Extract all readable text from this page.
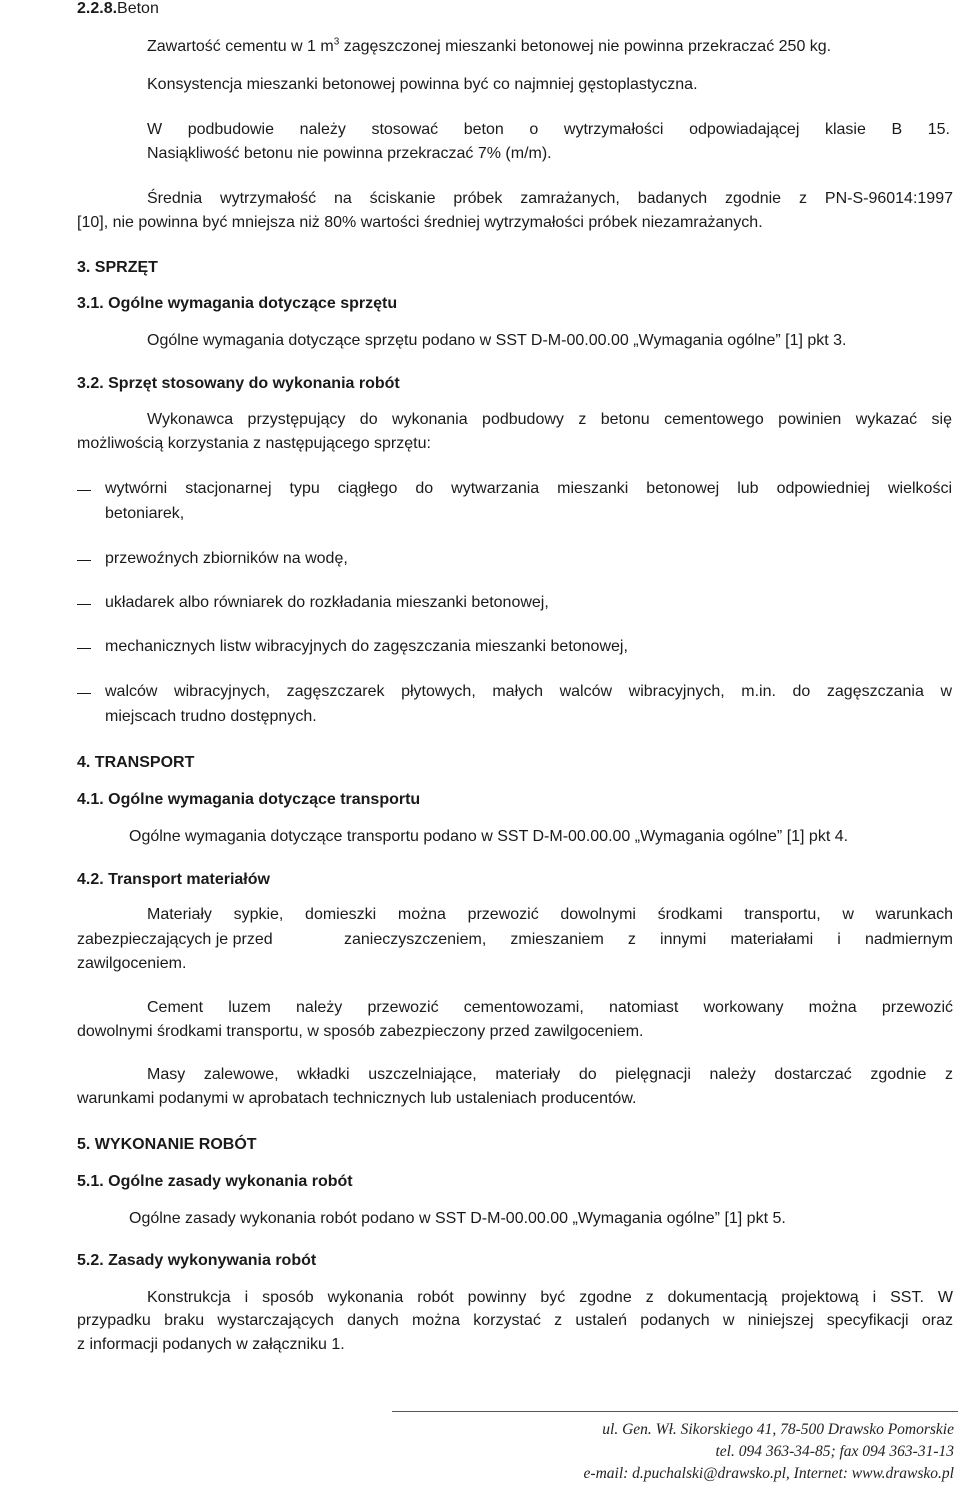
2.2.8.Beton
Zawartość cementu w 1 $m^3$ zagęszczonej mieszanki betonowej nie powinna przekraczać 250 kg.
Konsystencja mieszanki betonowej powinna być co najmniej gęstoplastyczna.
W podbudowie należy stosować beton o wytrzymałości odpowiadającej klasie B 15.
Nasiąkliwość betonu nie powinna przekraczać 7% (m/m).
Średnia wytrzymałość na ściskanie próbek zamrażanych, badanych zgodnie z PN-S-96014:1997
[10], nie powinna być mniejsza niż 80% wartości średniej wytrzymałości próbek niezamrażanych.
3. SPRZĘT
3.1. Ogólne wymagania dotyczące sprzętu
Ogólne wymagania dotyczące sprzętu podano w SST D-M-00.00.00 „Wymagania ogólne” [1] pkt 3.
3.2. Sprzęt stosowany do wykonania robót
Wykonawca przystępujący do wykonania podbudowy z betonu cementowego powinien wykazać się
możliwością korzystania z następującego sprzętu:
wytwórni stacjonarnej typu ciągłego do wytwarzania mieszanki betonowej lub odpowiedniej wielkości
betoniarek,
przewoźnych zbiorników na wodę,
układarek albo równiarek do rozkładania mieszanki betonowej,
mechanicznych listw wibracyjnych do zagęszczania mieszanki betonowej,
walców wibracyjnych, zagęszczarek płytowych, małych walców wibracyjnych, m.in. do zagęszczania w
miejscach trudno dostępnych.
4. TRANSPORT
4.1. Ogólne wymagania dotyczące transportu
Ogólne wymagania dotyczące transportu podano w SST D-M-00.00.00 „Wymagania ogólne” [1] pkt 4.
4.2. Transport materiałów
Materiały sypkie, domieszki można przewozić dowolnymi środkami transportu, w warunkach
zabezpieczających je przed	zanieczyszczeniem, zmieszaniem z innymi materiałami i nadmiernym
zawilgoceniem.
Cement luzem należy przewozić cementowozami, natomiast workowany można przewozić
dowolnymi środkami transportu, w sposób zabezpieczony przed zawilgoceniem.
Masy zalewowe, wkładki uszczelniające, materiały do pielęgnacji należy dostarczać zgodnie z
warunkami podanymi w aprobatach technicznych lub ustaleniach producentów.
5. WYKONANIE ROBÓT
5.1. Ogólne zasady wykonania robót
Ogólne zasady wykonania robót podano w SST D-M-00.00.00 „Wymagania ogólne” [1] pkt 5.
5.2. Zasady wykonywania robót
Konstrukcja i sposób wykonania robót powinny być zgodne z dokumentacją projektową i SST. W
przypadku braku wystarczających danych można korzystać z ustaleń podanych w niniejszej specyfikacji oraz
z informacji podanych w załączniku 1.
ul. Gen. Wł. Sikorskiego 41, 78-500 Drawsko Pomorskie
tel. 094 363-34-85; fax 094 363-31-13
e-mail: d.puchalski@drawsko.pl, Internet: www.drawsko.pl
